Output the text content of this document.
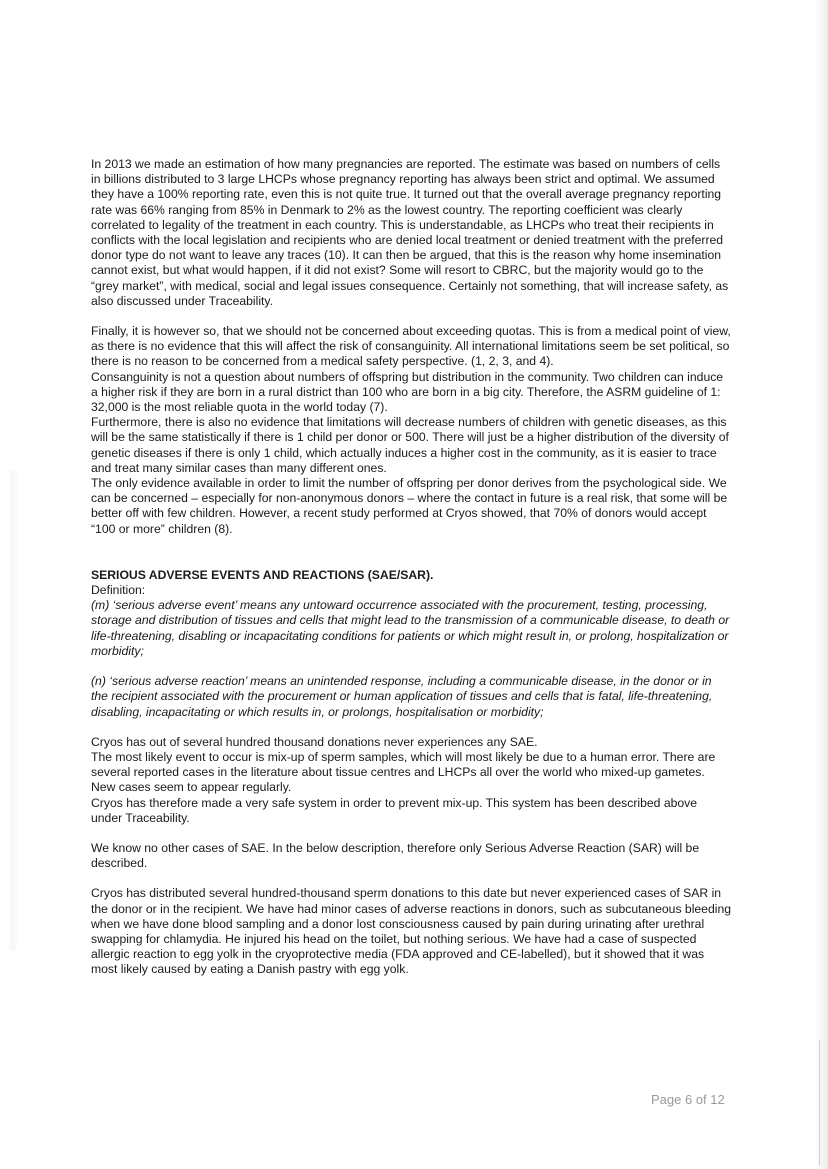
In 2013 we made an estimation of how many pregnancies are reported. The estimate was based on numbers of cells in billions distributed to 3 large LHCPs whose pregnancy reporting has always been strict and optimal. We assumed they have a 100% reporting rate, even this is not quite true. It turned out that the overall average pregnancy reporting rate was 66% ranging from 85% in Denmark to 2% as the lowest country. The reporting coefficient was clearly correlated to legality of the treatment in each country. This is understandable, as LHCPs who treat their recipients in conflicts with the local legislation and recipients who are denied local treatment or denied treatment with the preferred donor type do not want to leave any traces (10). It can then be argued, that this is the reason why home insemination cannot exist, but what would happen, if it did not exist? Some will resort to CBRC, but the majority would go to the “grey market”, with medical, social and legal issues consequence. Certainly not something, that will increase safety, as also discussed under Traceability.

Finally, it is however so, that we should not be concerned about exceeding quotas. This is from a medical point of view, as there is no evidence that this will affect the risk of consanguinity. All international limitations seem be set political, so there is no reason to be concerned from a medical safety perspective. (1, 2, 3, and 4).

Consanguinity is not a question about numbers of offspring but distribution in the community. Two children can induce a higher risk if they are born in a rural district than 100 who are born in a big city. Therefore, the ASRM guideline of 1: 32,000 is the most reliable quota in the world today (7).

Furthermore, there is also no evidence that limitations will decrease numbers of children with genetic diseases, as this will be the same statistically if there is 1 child per donor or 500. There will just be a higher distribution of the diversity of genetic diseases if there is only 1 child, which actually induces a higher cost in the community, as it is easier to trace and treat many similar cases than many different ones.

The only evidence available in order to limit the number of offspring per donor derives from the psychological side. We can be concerned – especially for non-anonymous donors – where the contact in future is a real risk, that some will be better off with few children. However, a recent study performed at Cryos showed, that 70% of donors would accept “100 or more” children (8).

SERIOUS ADVERSE EVENTS AND REACTIONS (SAE/SAR).

Definition:

(m) ‘serious adverse event’ means any untoward occurrence associated with the procurement, testing, processing, storage and distribution of tissues and cells that might lead to the transmission of a communicable disease, to death or life-threatening, disabling or incapacitating conditions for patients or which might result in, or prolong, hospitalization or morbidity;

(n) ‘serious adverse reaction’ means an unintended response, including a communicable disease, in the donor or in the recipient associated with the procurement or human application of tissues and cells that is fatal, life-threatening, disabling, incapacitating or which results in, or prolongs, hospitalisation or morbidity;

Cryos has out of several hundred thousand donations never experiences any SAE.

The most likely event to occur is mix-up of sperm samples, which will most likely be due to a human error. There are several reported cases in the literature about tissue centres and LHCPs all over the world who mixed-up gametes. New cases seem to appear regularly.

Cryos has therefore made a very safe system in order to prevent mix-up. This system has been described above under Traceability.

We know no other cases of SAE. In the below description, therefore only Serious Adverse Reaction (SAR) will be described.

Cryos has distributed several hundred-thousand sperm donations to this date but never experienced cases of SAR in the donor or in the recipient. We have had minor cases of adverse reactions in donors, such as subcutaneous bleeding when we have done blood sampling and a donor lost consciousness caused by pain during urinating after urethral swapping for chlamydia. He injured his head on the toilet, but nothing serious. We have had a case of suspected allergic reaction to egg yolk in the cryoprotective media (FDA approved and CE-labelled), but it showed that it was most likely caused by eating a Danish pastry with egg yolk.

Page 6 of 12
